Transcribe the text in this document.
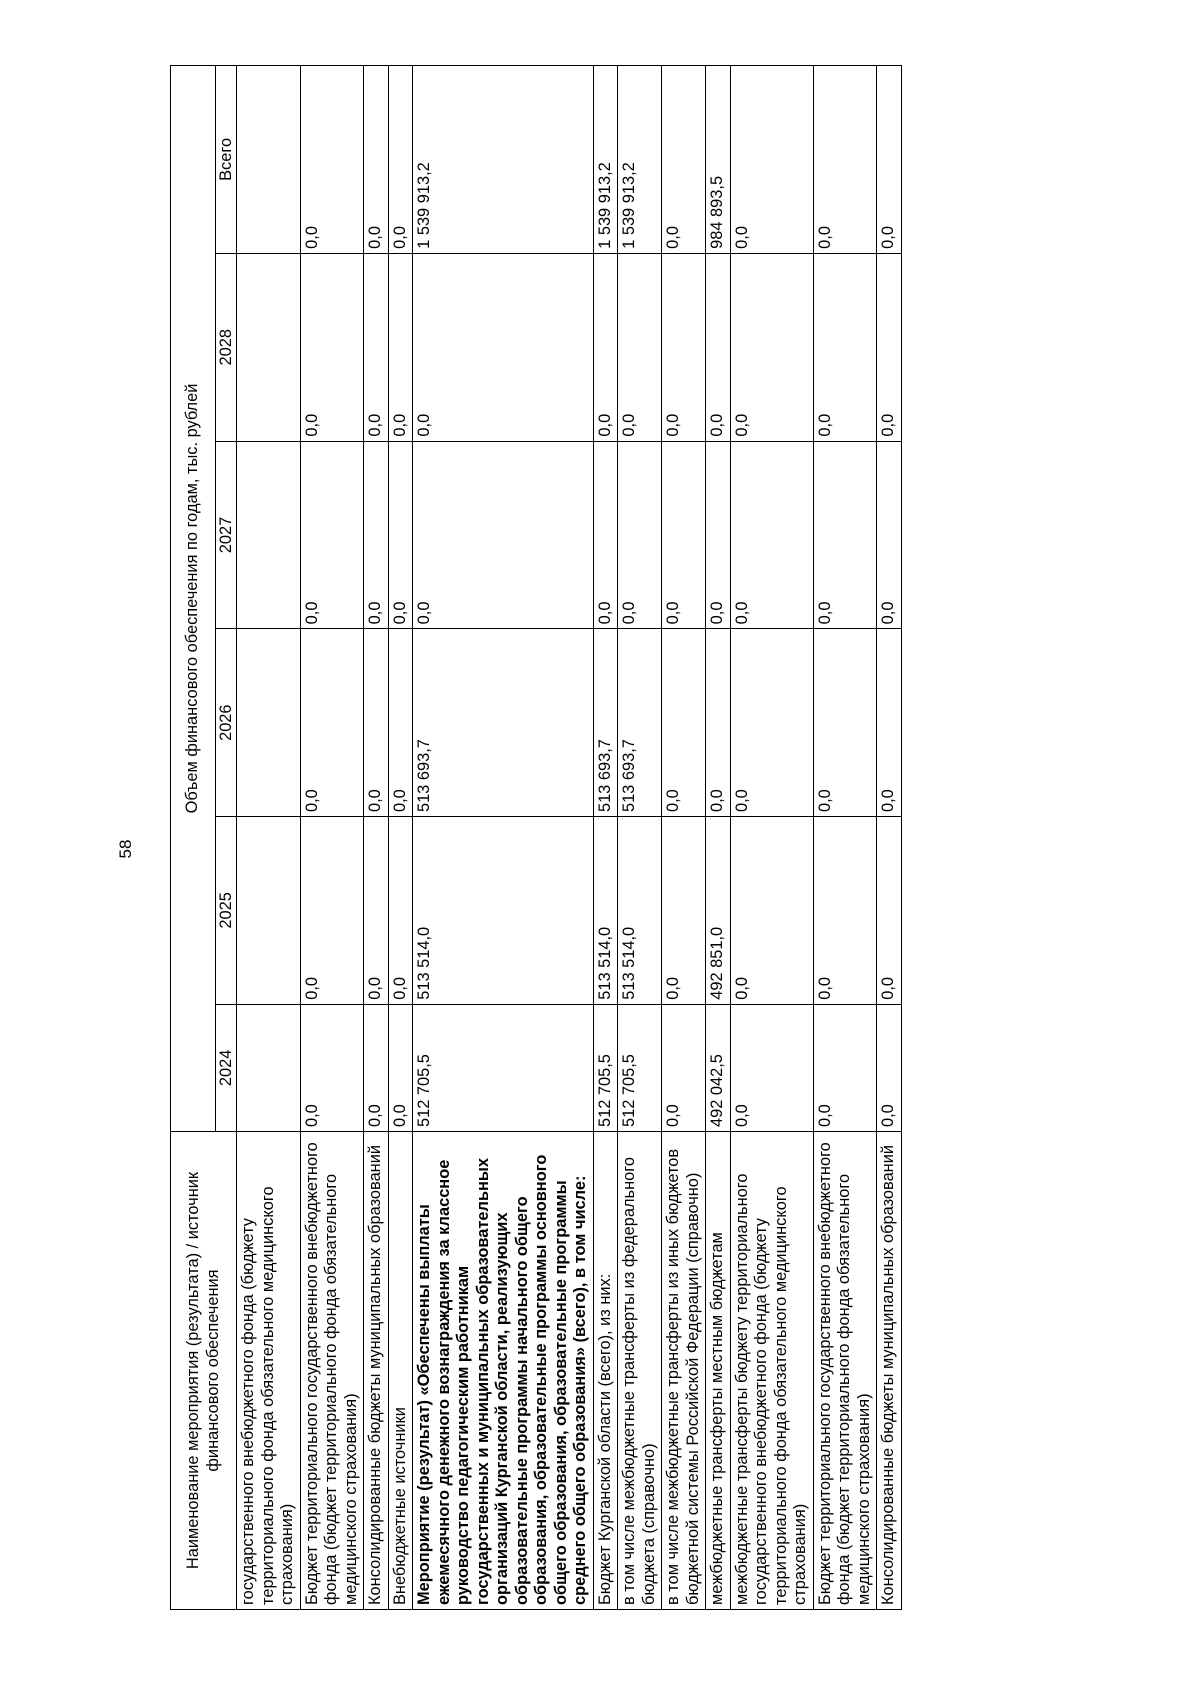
58
Наименование мероприятия (результата) / источник финансового обеспечения	Объем финансового обеспечения по годам, тыс. рублей					
	2024	2025	2026	2027	2028	Всего
государственного внебюджетного фонда (бюджету территориального фонда обязательного медицинского страхования)						
Бюджет территориального государственного внебюджетного фонда (бюджет территориального фонда обязательного медицинского страхования)	0,0	0,0	0,0	0,0	0,0	0,0
Консолидированные бюджеты муниципальных образований	0,0	0,0	0,0	0,0	0,0	0,0
Внебюджетные источники	0,0	0,0	0,0	0,0	0,0	0,0
Мероприятие (результат) «Обеспечены выплаты ежемесячного денежного вознаграждения за классное руководство педагогическим работникам государственных и муниципальных образовательных организаций Курганской области, реализующих образовательные программы начального общего образования, образовательные программы основного общего образования, образовательные программы среднего общего образования» (всего), в том числе:	512 705,5	513 514,0	513 693,7	0,0	0,0	1 539 913,2
Бюджет Курганской области (всего), из них:	512 705,5	513 514,0	513 693,7	0,0	0,0	1 539 913,2
в том числе межбюджетные трансферты из федерального бюджета (справочно)	512 705,5	513 514,0	513 693,7	0,0	0,0	1 539 913,2
в том числе межбюджетные трансферты из иных бюджетов бюджетной системы Российской Федерации (справочно)	0,0	0,0	0,0	0,0	0,0	0,0
межбюджетные трансферты местным бюджетам	492 042,5	492 851,0	0,0	0,0	0,0	984 893,5
межбюджетные трансферты бюджету территориального государственного внебюджетного фонда (бюджету территориального фонда обязательного медицинского страхования)	0,0	0,0	0,0	0,0	0,0	0,0
Бюджет территориального государственного внебюджетного фонда (бюджет территориального фонда обязательного медицинского страхования)	0,0	0,0	0,0	0,0	0,0	0,0
Консолидированные бюджеты муниципальных образований	0,0	0,0	0,0	0,0	0,0	0,0
